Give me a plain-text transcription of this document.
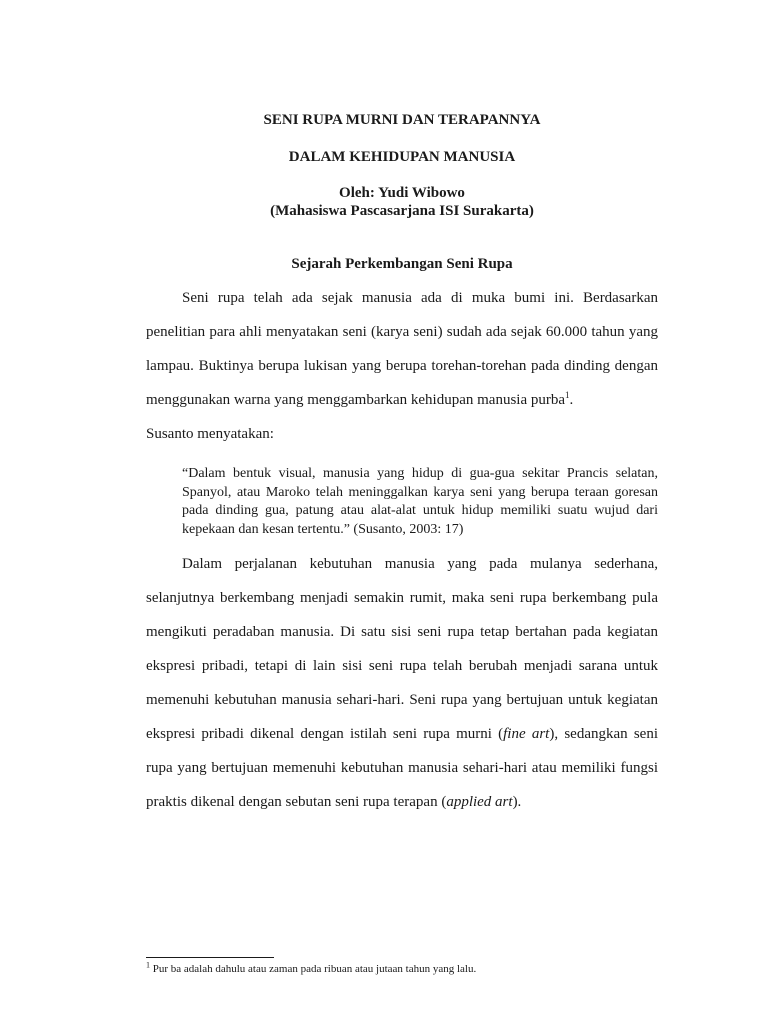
SENI RUPA MURNI DAN TERAPANNYA
DALAM KEHIDUPAN MANUSIA
Oleh: Yudi Wibowo
(Mahasiswa Pascasarjana ISI Surakarta)
Sejarah Perkembangan Seni Rupa
Seni rupa telah ada sejak manusia ada di muka bumi ini. Berdasarkan penelitian para ahli menyatakan seni (karya seni) sudah ada sejak 60.000 tahun yang lampau. Buktinya berupa lukisan yang berupa torehan-torehan pada dinding dengan menggunakan warna yang menggambarkan kehidupan manusia purba$^1$.
Susanto menyatakan:
“Dalam bentuk visual, manusia yang hidup di gua-gua sekitar Prancis selatan, Spanyol, atau Maroko telah meninggalkan karya seni yang berupa teraan goresan pada dinding gua, patung atau alat-alat untuk hidup memiliki suatu wujud dari kepekaan dan kesan tertentu.” (Susanto, 2003: 17)
Dalam perjalanan kebutuhan manusia yang pada mulanya sederhana, selanjutnya berkembang menjadi semakin rumit, maka seni rupa berkembang pula mengikuti peradaban manusia. Di satu sisi seni rupa tetap bertahan pada kegiatan ekspresi pribadi, tetapi di lain sisi seni rupa telah berubah menjadi sarana untuk memenuhi kebutuhan manusia sehari-hari. Seni rupa yang bertujuan untuk kegiatan ekspresi pribadi dikenal dengan istilah seni rupa murni (fine art), sedangkan seni rupa yang bertujuan memenuhi kebutuhan manusia sehari-hari atau memiliki fungsi praktis dikenal dengan sebutan seni rupa terapan (applied art).
$^1$ Pur ba adalah dahulu atau zaman pada ribuan atau jutaan tahun yang lalu.
